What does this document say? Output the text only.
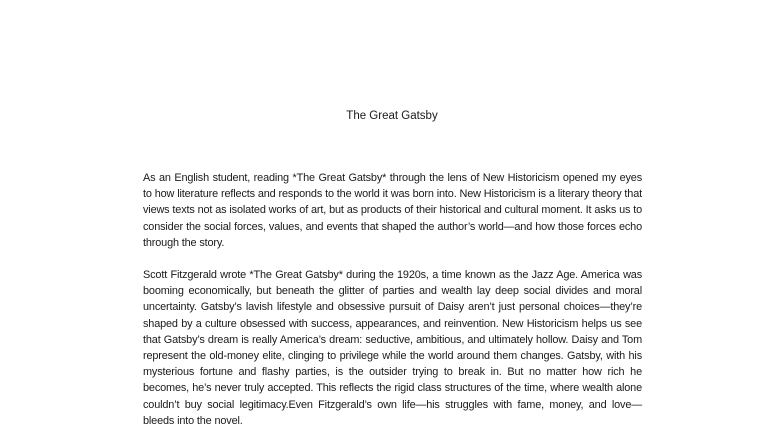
The Great Gatsby

As an English student, reading *The Great Gatsby* through the lens of New Historicism opened my eyes to how literature reflects and responds to the world it was born into. New Historicism is a literary theory that views texts not as isolated works of art, but as products of their historical and cultural moment. It asks us to consider the social forces, values, and events that shaped the author’s world—and how those forces echo through the story.

Scott Fitzgerald wrote *The Great Gatsby* during the 1920s, a time known as the Jazz Age. America was booming economically, but beneath the glitter of parties and wealth lay deep social divides and moral uncertainty. Gatsby’s lavish lifestyle and obsessive pursuit of Daisy aren’t just personal choices—they’re shaped by a culture obsessed with success, appearances, and reinvention. New Historicism helps us see that Gatsby’s dream is really America’s dream: seductive, ambitious, and ultimately hollow. Daisy and Tom represent the old-money elite, clinging to privilege while the world around them changes. Gatsby, with his mysterious fortune and flashy parties, is the outsider trying to break in. But no matter how rich he becomes, he’s never truly accepted. This reflects the rigid class structures of the time, where wealth alone couldn’t buy social legitimacy.Even Fitzgerald’s own life—his struggles with fame, money, and love—bleeds into the novel.
